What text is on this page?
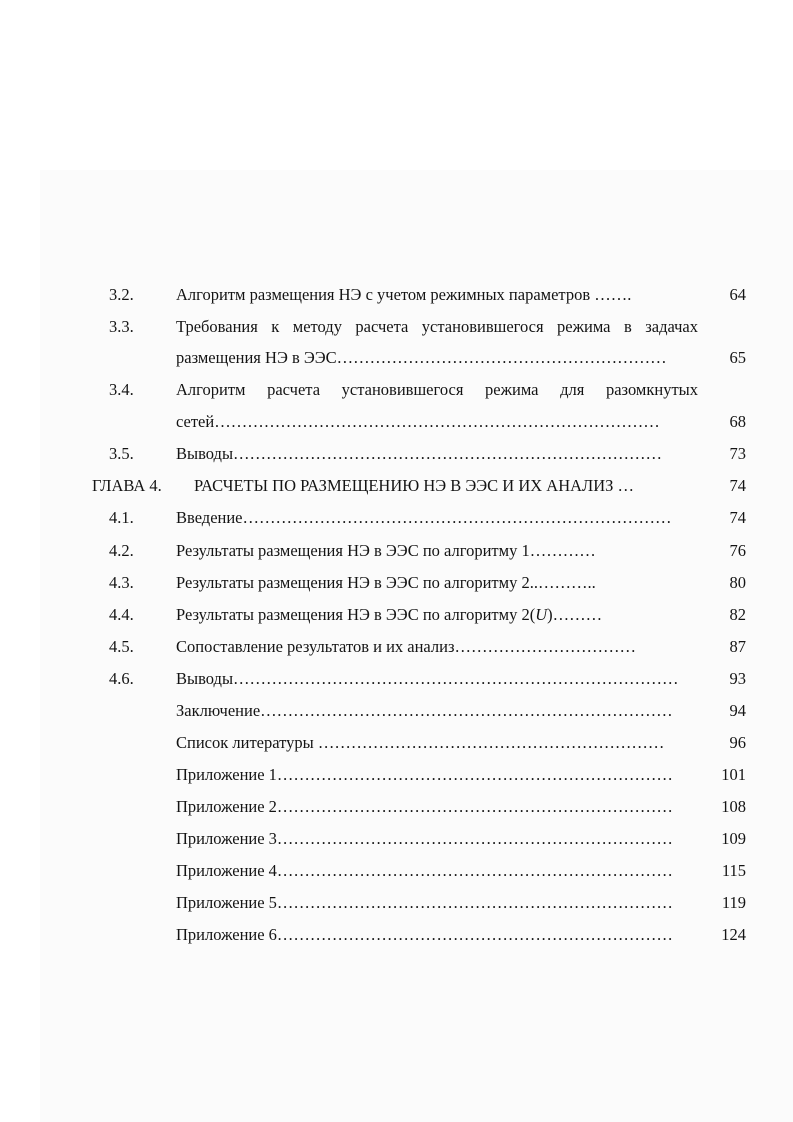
3.2.	Алгоритм размещения НЭ с учетом режимных параметров …….	64
3.3.	Требования к методу расчета установившегося режима в задачах
размещения НЭ в ЭЭС……………………………………………………	65
3.4.	Алгоритм расчета установившегося режима для разомкнутых
сетей………………………………………………………………………	68
3.5.	Выводы……………………………………………………………………	73
ГЛАВА 4.	РАСЧЕТЫ ПО РАЗМЕЩЕНИЮ НЭ В ЭЭС И ИХ АНАЛИЗ …	74
4.1.	Введение……………………………………………………………………	74
4.2.	Результаты размещения НЭ в ЭЭС по алгоритму 1…………	76
4.3.	Результаты размещения НЭ в ЭЭС по алгоритму 2..………..	80
4.4.	Результаты размещения НЭ в ЭЭС по алгоритму 2(U)………	82
4.5.	Сопоставление результатов и их анализ……………………………	87
4.6.	Выводы………………………………………………………………………	93
Заключение…………………………………………………………………	94
Список литературы ………………………………………………………	96
Приложение 1………………………………………………………………	101
Приложение 2………………………………………………………………	108
Приложение 3………………………………………………………………	109
Приложение 4………………………………………………………………	115
Приложение 5………………………………………………………………	119
Приложение 6………………………………………………………………	124
